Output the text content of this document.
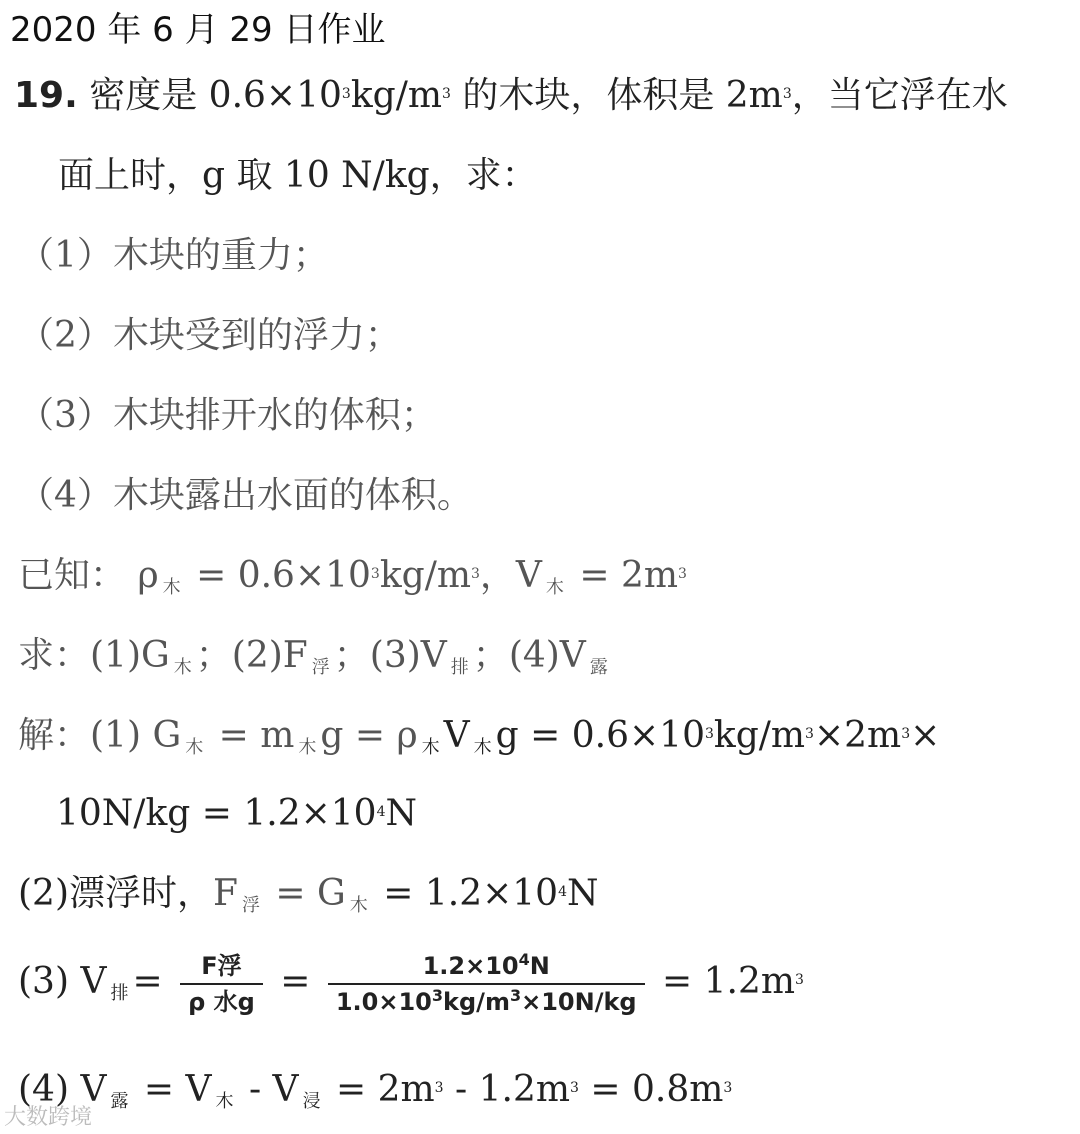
2020 年 6 月 29 日作业
19. 密度是 $0.6\times 10^3kg/m^3$ 的木块，体积是 $2m^3$，当它浮在水
面上时，g 取 10 N/kg，求：
（1）木块的重力；
（2）木块受到的浮力；
（3）木块排开水的体积；
（4）木块露出水面的体积。
已知： ρ $_木 = 0.6\times 10^3kg/m^3$，V $_木 = 2m^3$
求：(1)G $_木$ ；(2)F $_浮$ ；(3)V $_排$ ；(4)V $_露$
解：(1) G $_木$ = m $_木$ g = ρ $_木$ V $_木$ $g = 0.6\times 10^3kg/m^3\times 2m^3\times$
$10N/kg = 1.2\times 10^4N$
(2)漂浮时，F $_浮$ = G $_木 = 1.2\times 10^4N$
(3) V $_排 = \frac{\text{F浮}}{\text{ρ 水g}} = \frac{1.2\times 10^4N}{1.0\times 10^3kg/m^3\times 10N/kg} = 1.2m^3$
(4) V $_露$ = V $_木$ - V $_浸 = 2m^3 - 1.2m^3 = 0.8m^3$
大数跨境
